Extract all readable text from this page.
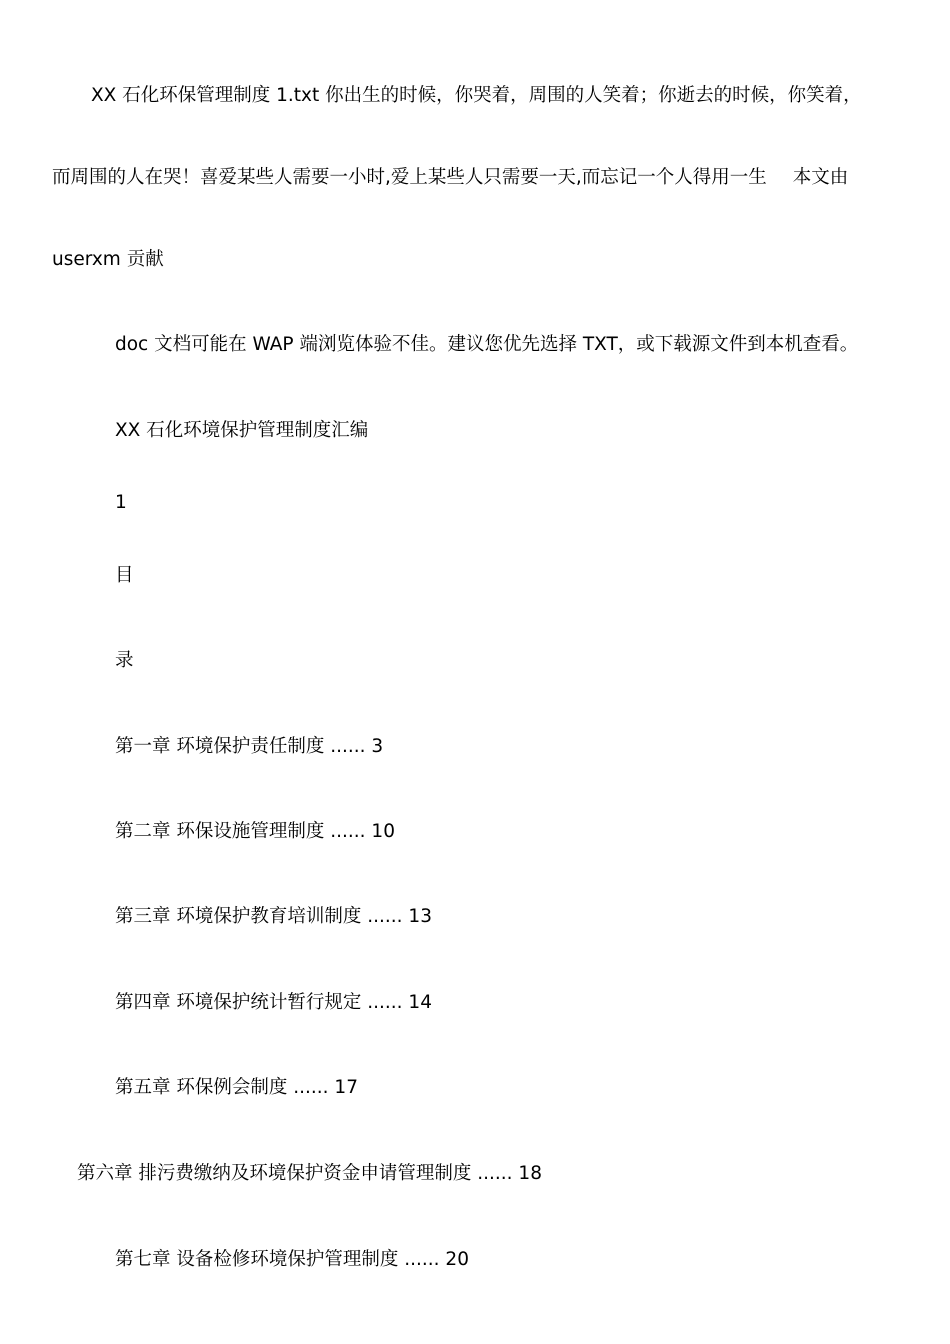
XX 石化环保管理制度 1.txt 你出生的时候，你哭着，周围的人笑着；你逝去的时候，你笑着，
而周围的人在哭！喜爱某些人需要一小时,爱上某些人只需要一天,而忘记一个人得用一生 本文由
userxm 贡献
doc 文档可能在 WAP 端浏览体验不佳。建议您优先选择 TXT，或下载源文件到本机查看。
XX 石化环境保护管理制度汇编
1
目
录
第一章 环境保护责任制度 ...... 3
第二章 环保设施管理制度 ...... 10
第三章 环境保护教育培训制度 ...... 13
第四章 环境保护统计暂行规定 ...... 14
第五章 环保例会制度 ...... 17
第六章 排污费缴纳及环境保护资金申请管理制度 ...... 18
第七章 设备检修环境保护管理制度 ...... 20
